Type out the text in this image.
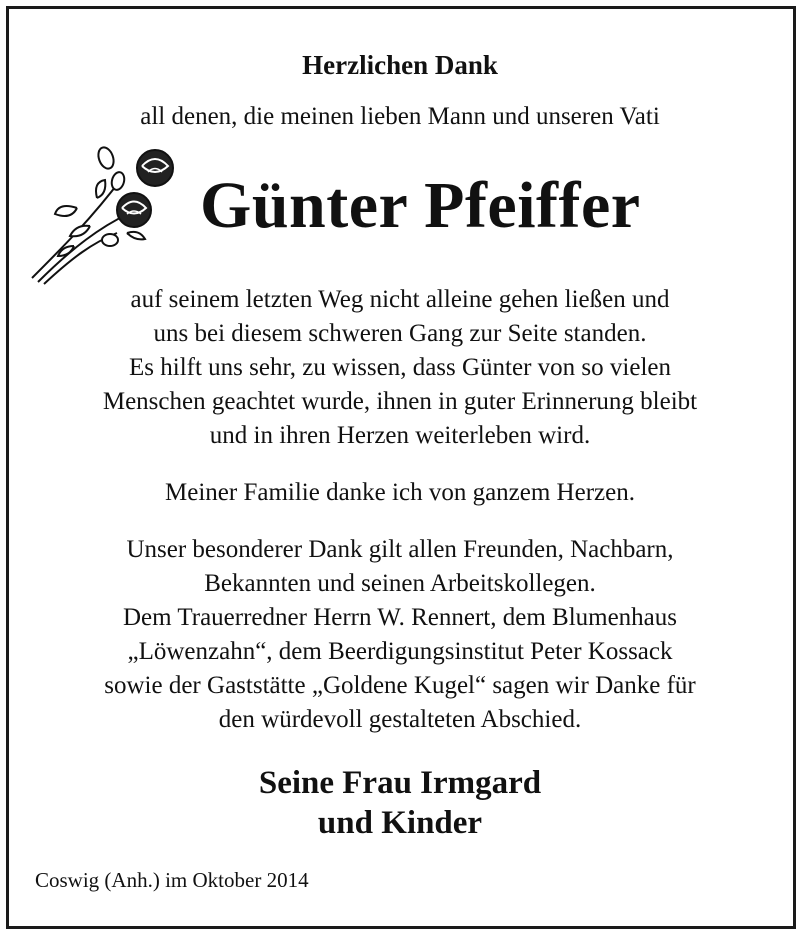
Herzlichen Dank
all denen, die meinen lieben Mann und unseren Vati
Günter Pfeiffer
auf seinem letzten Weg nicht alleine gehen ließen und
uns bei diesem schweren Gang zur Seite standen.
Es hilft uns sehr, zu wissen, dass Günter von so vielen
Menschen geachtet wurde, ihnen in guter Erinnerung bleibt
und in ihren Herzen weiterleben wird.
Meiner Familie danke ich von ganzem Herzen.
Unser besonderer Dank gilt allen Freunden, Nachbarn,
Bekannten und seinen Arbeitskollegen.
Dem Trauerredner Herrn W. Rennert, dem Blumenhaus
„Löwenzahn“, dem Beerdigungsinstitut Peter Kossack
sowie der Gaststätte „Goldene Kugel“ sagen wir Danke für
den würdevoll gestalteten Abschied.
Seine Frau Irmgard
und Kinder
Coswig (Anh.) im Oktober 2014
